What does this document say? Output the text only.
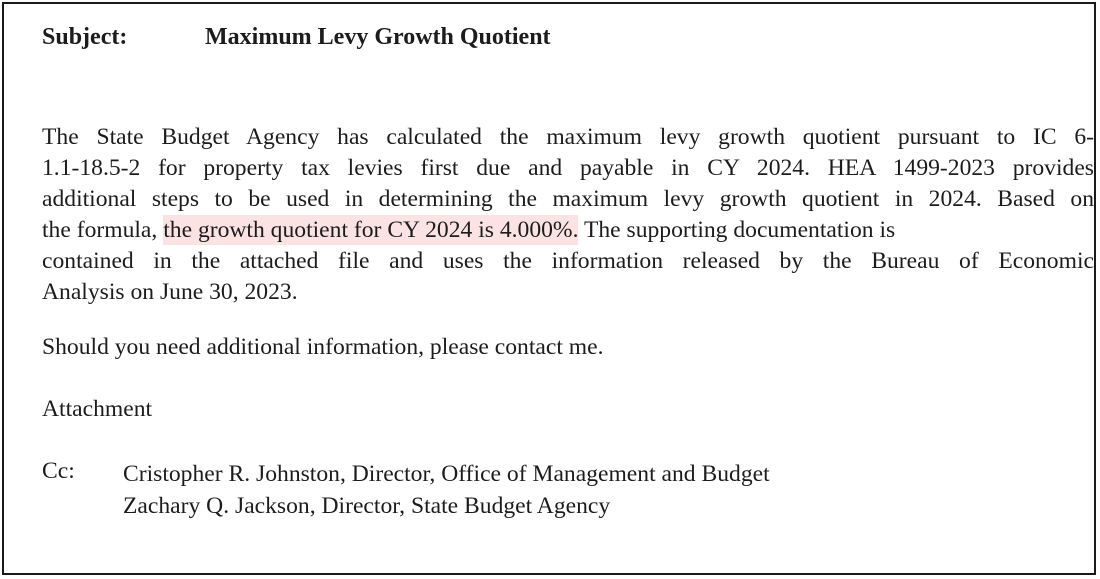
Subject:	Maximum Levy Growth Quotient
The State Budget Agency has calculated the maximum levy growth quotient pursuant to IC 6-
1.1-18.5-2 for property tax levies first due and payable in CY 2024. HEA 1499-2023 provides
additional steps to be used in determining the maximum levy growth quotient in 2024. Based on
the formula, the growth quotient for CY 2024 is 4.000%. The supporting documentation is
contained in the attached file and uses the information released by the Bureau of Economic
Analysis on June 30, 2023.
Should you need additional information, please contact me.
Attachment
Cc: Cristopher R. Johnston, Director, Office of Management and Budget
Zachary Q. Jackson, Director, State Budget Agency
